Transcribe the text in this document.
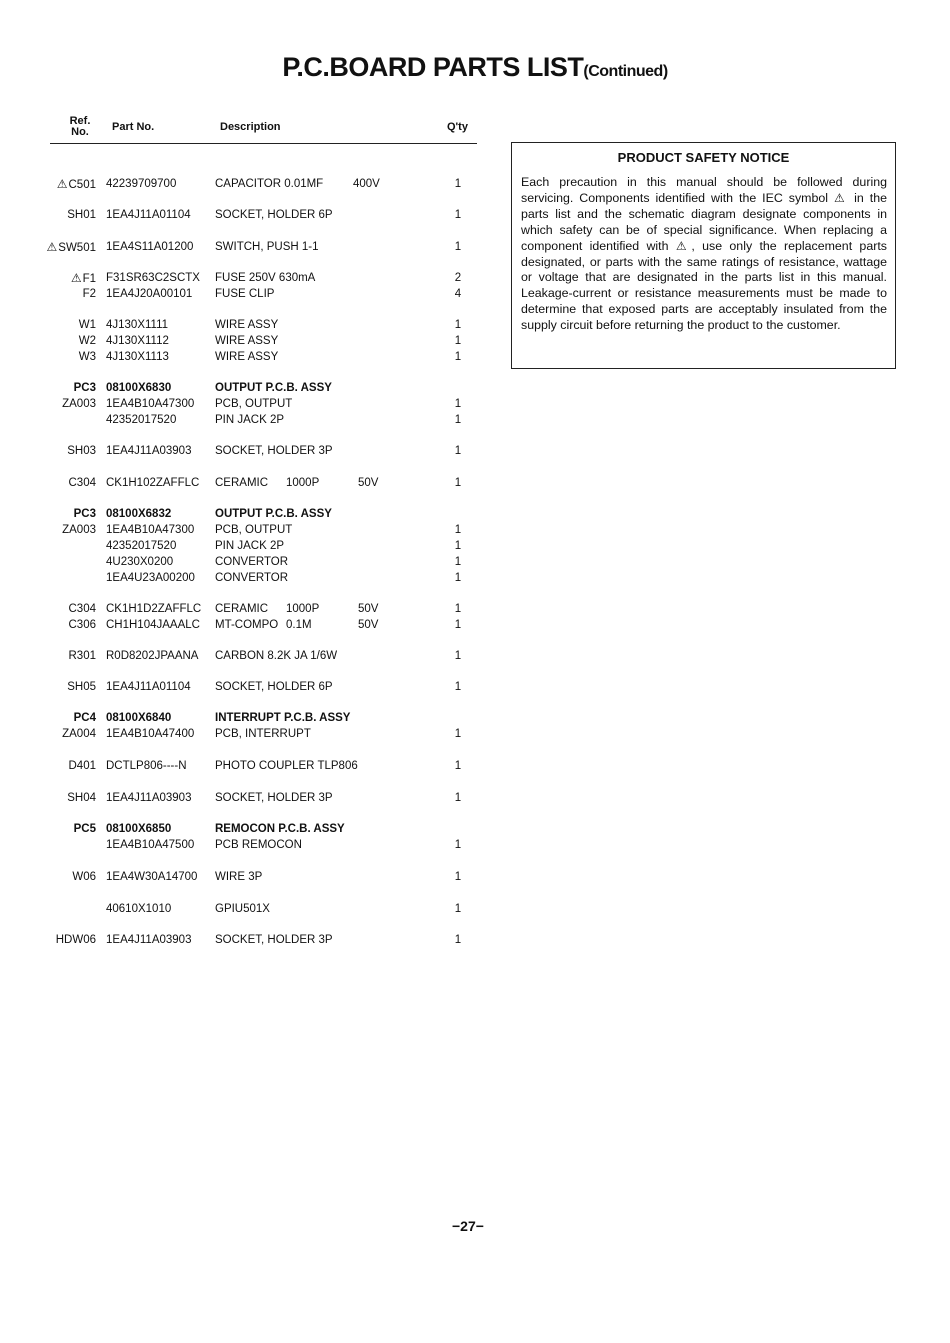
P.C.BOARD PARTS LIST(Continued)
Ref.
No.	Part No.	Description	Q'ty
⚠C501 42239709700	CAPACITOR 0.01MF	400V	1
SH01 1EA4J11A01104 SOCKET, HOLDER 6P	1
⚠SW501 1EA4S11A01200 SWITCH, PUSH 1-1	1
⚠F1 F31SR63C2SCTX FUSE 250V 630mA	2
F2 1EA4J20A00101 FUSE CLIP	4
W1 4J130X1111	WIRE ASSY	1
W2 4J130X1112	WIRE ASSY	1
W3 4J130X1113	WIRE ASSY	1
PC3 08100X6830	OUTPUT P.C.B. ASSY
ZA003 1EA4B10A47300 PCB, OUTPUT	1
42352017520	PIN JACK 2P	1
SH03 1EA4J11A03903 SOCKET, HOLDER 3P	1
C304 CK1H102ZAFFLC CERAMIC 1000P	50V	1
PC3 08100X6832	OUTPUT P.C.B. ASSY
ZA003 1EA4B10A47300 PCB, OUTPUT	1
42352017520	PIN JACK 2P	1
4U230X0200	CONVERTOR	1
1EA4U23A00200 CONVERTOR	1
C304 CK1H1D2ZAFFLC CERAMIC 1000P	50V	1
C306 CH1H104JAAALC MT-COMPO 0.1M	50V	1
R301 R0D8202JPAANA CARBON 8.2K JA 1/6W	1
SH05 1EA4J11A01104 SOCKET, HOLDER 6P	1
PC4 08100X6840	INTERRUPT P.C.B. ASSY
ZA004 1EA4B10A47400 PCB, INTERRUPT	1
D401 DCTLP806----N PHOTO COUPLER TLP806	1
SH04 1EA4J11A03903 SOCKET, HOLDER 3P	1
PC5 08100X6850	REMOCON P.C.B. ASSY
1EA4B10A47500 PCB REMOCON	1
W06 1EA4W30A14700 WIRE 3P	1
40610X1010	GPIU501X	1
HDW06 1EA4J11A03903 SOCKET, HOLDER 3P	1
PRODUCT SAFETY NOTICE
Each precaution in this manual should be followed during servicing. Components identified with the IEC symbol ⚠ in the parts list and the schematic diagram designate components in which safety can be of special significance. When replacing a component identified with ⚠, use only the replacement parts designated, or parts with the same ratings of resistance, wattage or voltage that are designated in the parts list in this manual. Leakage-current or resistance measurements must be made to determine that exposed parts are acceptably insulated from the supply circuit before returning the product to the customer.
−27−
